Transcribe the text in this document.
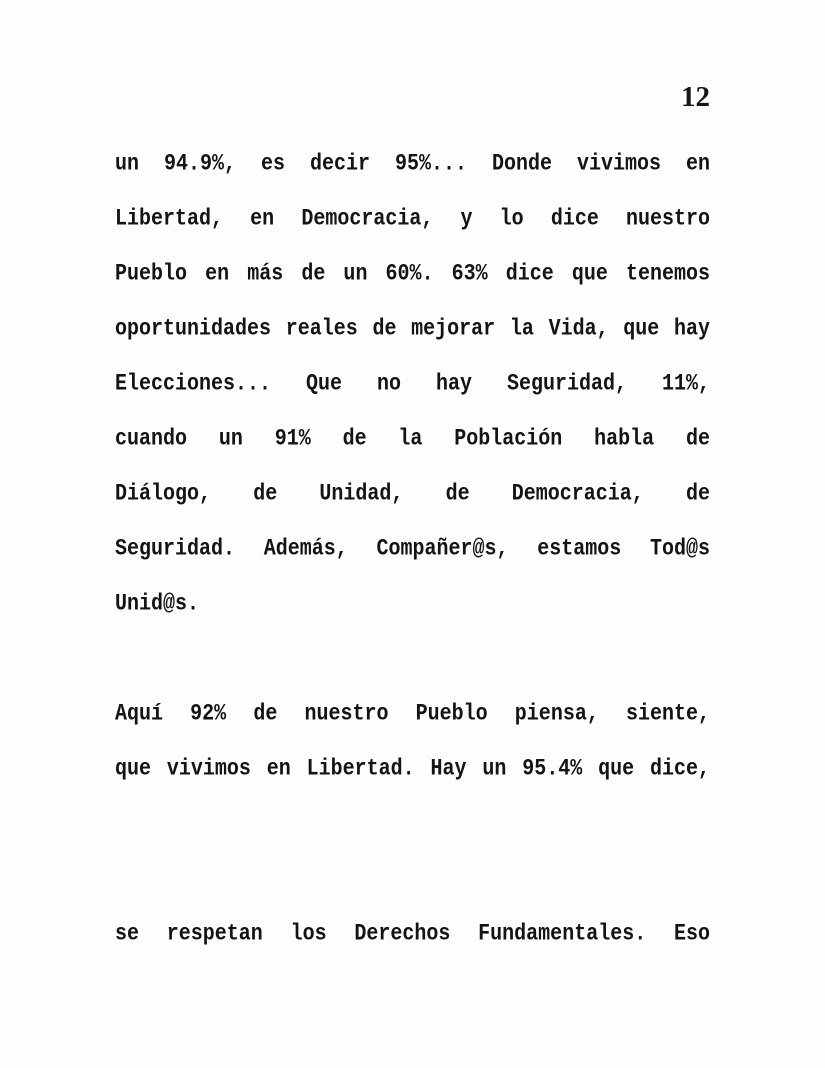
12
un 94.9%, es decir 95%... Donde vivimos en
Libertad, en Democracia, y lo dice nuestro
Pueblo en más de un 60%. 63% dice que tenemos
oportunidades reales de mejorar la Vida, que hay
Elecciones... Que no hay Seguridad, 11%,
cuando un 91% de la Población habla de
Diálogo, de Unidad, de Democracia, de
Seguridad. Además, Compañer@s, estamos Tod@s
Unid@s.
Aquí 92% de nuestro Pueblo piensa, siente,
que vivimos en Libertad. Hay un 95.4% que dice,
se respetan los Derechos Fundamentales. Eso
